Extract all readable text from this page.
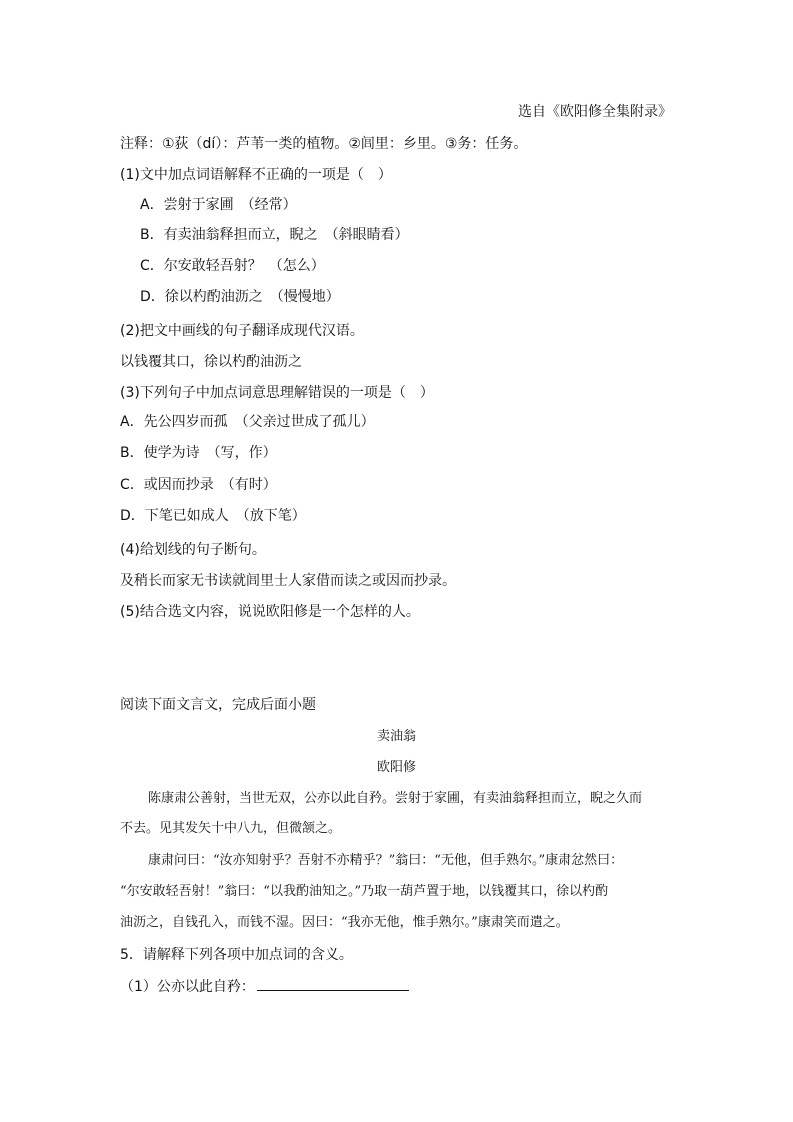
选自《欧阳修全集附录》
注释：①荻（dí）：芦苇一类的植物。②闾里：乡里。③务：任务。
(1)文中加点词语解释不正确的一项是（　）
A．尝射于家圃　（经常）
B．有卖油翁释担而立，睨之　（斜眼睛看）
C．尔安敢轻吾射？　（怎么）
D．徐以杓酌油沥之　（慢慢地）
(2)把文中画线的句子翻译成现代汉语。
以钱覆其口，徐以杓酌油沥之
(3)下列句子中加点词意思理解错误的一项是（　）
A．先公四岁而孤　（父亲过世成了孤儿）
B．使学为诗　（写，作）
C．或因而抄录　（有时）
D．下笔已如成人　（放下笔）
(4)给划线的句子断句。
及稍长而家无书读就闾里士人家借而读之或因而抄录。
(5)结合选文内容，说说欧阳修是一个怎样的人。
阅读下面文言文，完成后面小题
卖油翁
欧阳修
陈康肃公善射，当世无双，公亦以此自矜。尝射于家圃，有卖油翁释担而立，睨之久而
不去。见其发矢十中八九，但微颔之。
康肃问曰：“汝亦知射乎？吾射不亦精乎？”翁曰：“无他，但手熟尔。”康肃忿然曰：
“尔安敢轻吾射！”翁曰：“以我酌油知之。”乃取一葫芦置于地，以钱覆其口，徐以杓酌
油沥之，自钱孔入，而钱不湿。因曰：“我亦无他，惟手熟尔。”康肃笑而遣之。
5．请解释下列各项中加点词的含义。
（1）公亦以此自矜：
